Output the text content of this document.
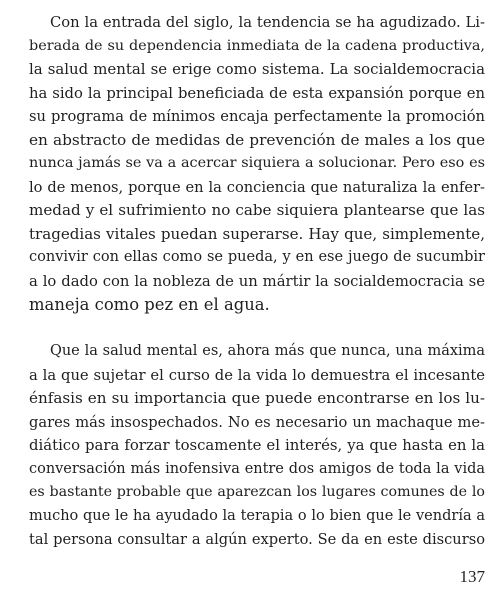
Con la entrada del siglo, la tendencia se ha agudizado. Li-
berada de su dependencia inmediata de la cadena productiva,
la salud mental se erige como sistema. La socialdemocracia
ha sido la principal beneficiada de esta expansión porque en
su programa de mínimos encaja perfectamente la promoción
en abstracto de medidas de prevención de males a los que
nunca jamás se va a acercar siquiera a solucionar. Pero eso es
lo de menos, porque en la conciencia que naturaliza la enfer-
medad y el sufrimiento no cabe siquiera plantearse que las
tragedias vitales puedan superarse. Hay que, simplemente,
convivir con ellas como se pueda, y en ese juego de sucumbir
a lo dado con la nobleza de un mártir la socialdemocracia se
maneja como pez en el agua.

Que la salud mental es, ahora más que nunca, una máxima
a la que sujetar el curso de la vida lo demuestra el incesante
énfasis en su importancia que puede encontrarse en los lu-
gares más insospechados. No es necesario un machaque me-
diático para forzar toscamente el interés, ya que hasta en la
conversación más inofensiva entre dos amigos de toda la vida
es bastante probable que aparezcan los lugares comunes de lo
mucho que le ha ayudado la terapia o lo bien que le vendría a
tal persona consultar a algún experto. Se da en este discurso

137
